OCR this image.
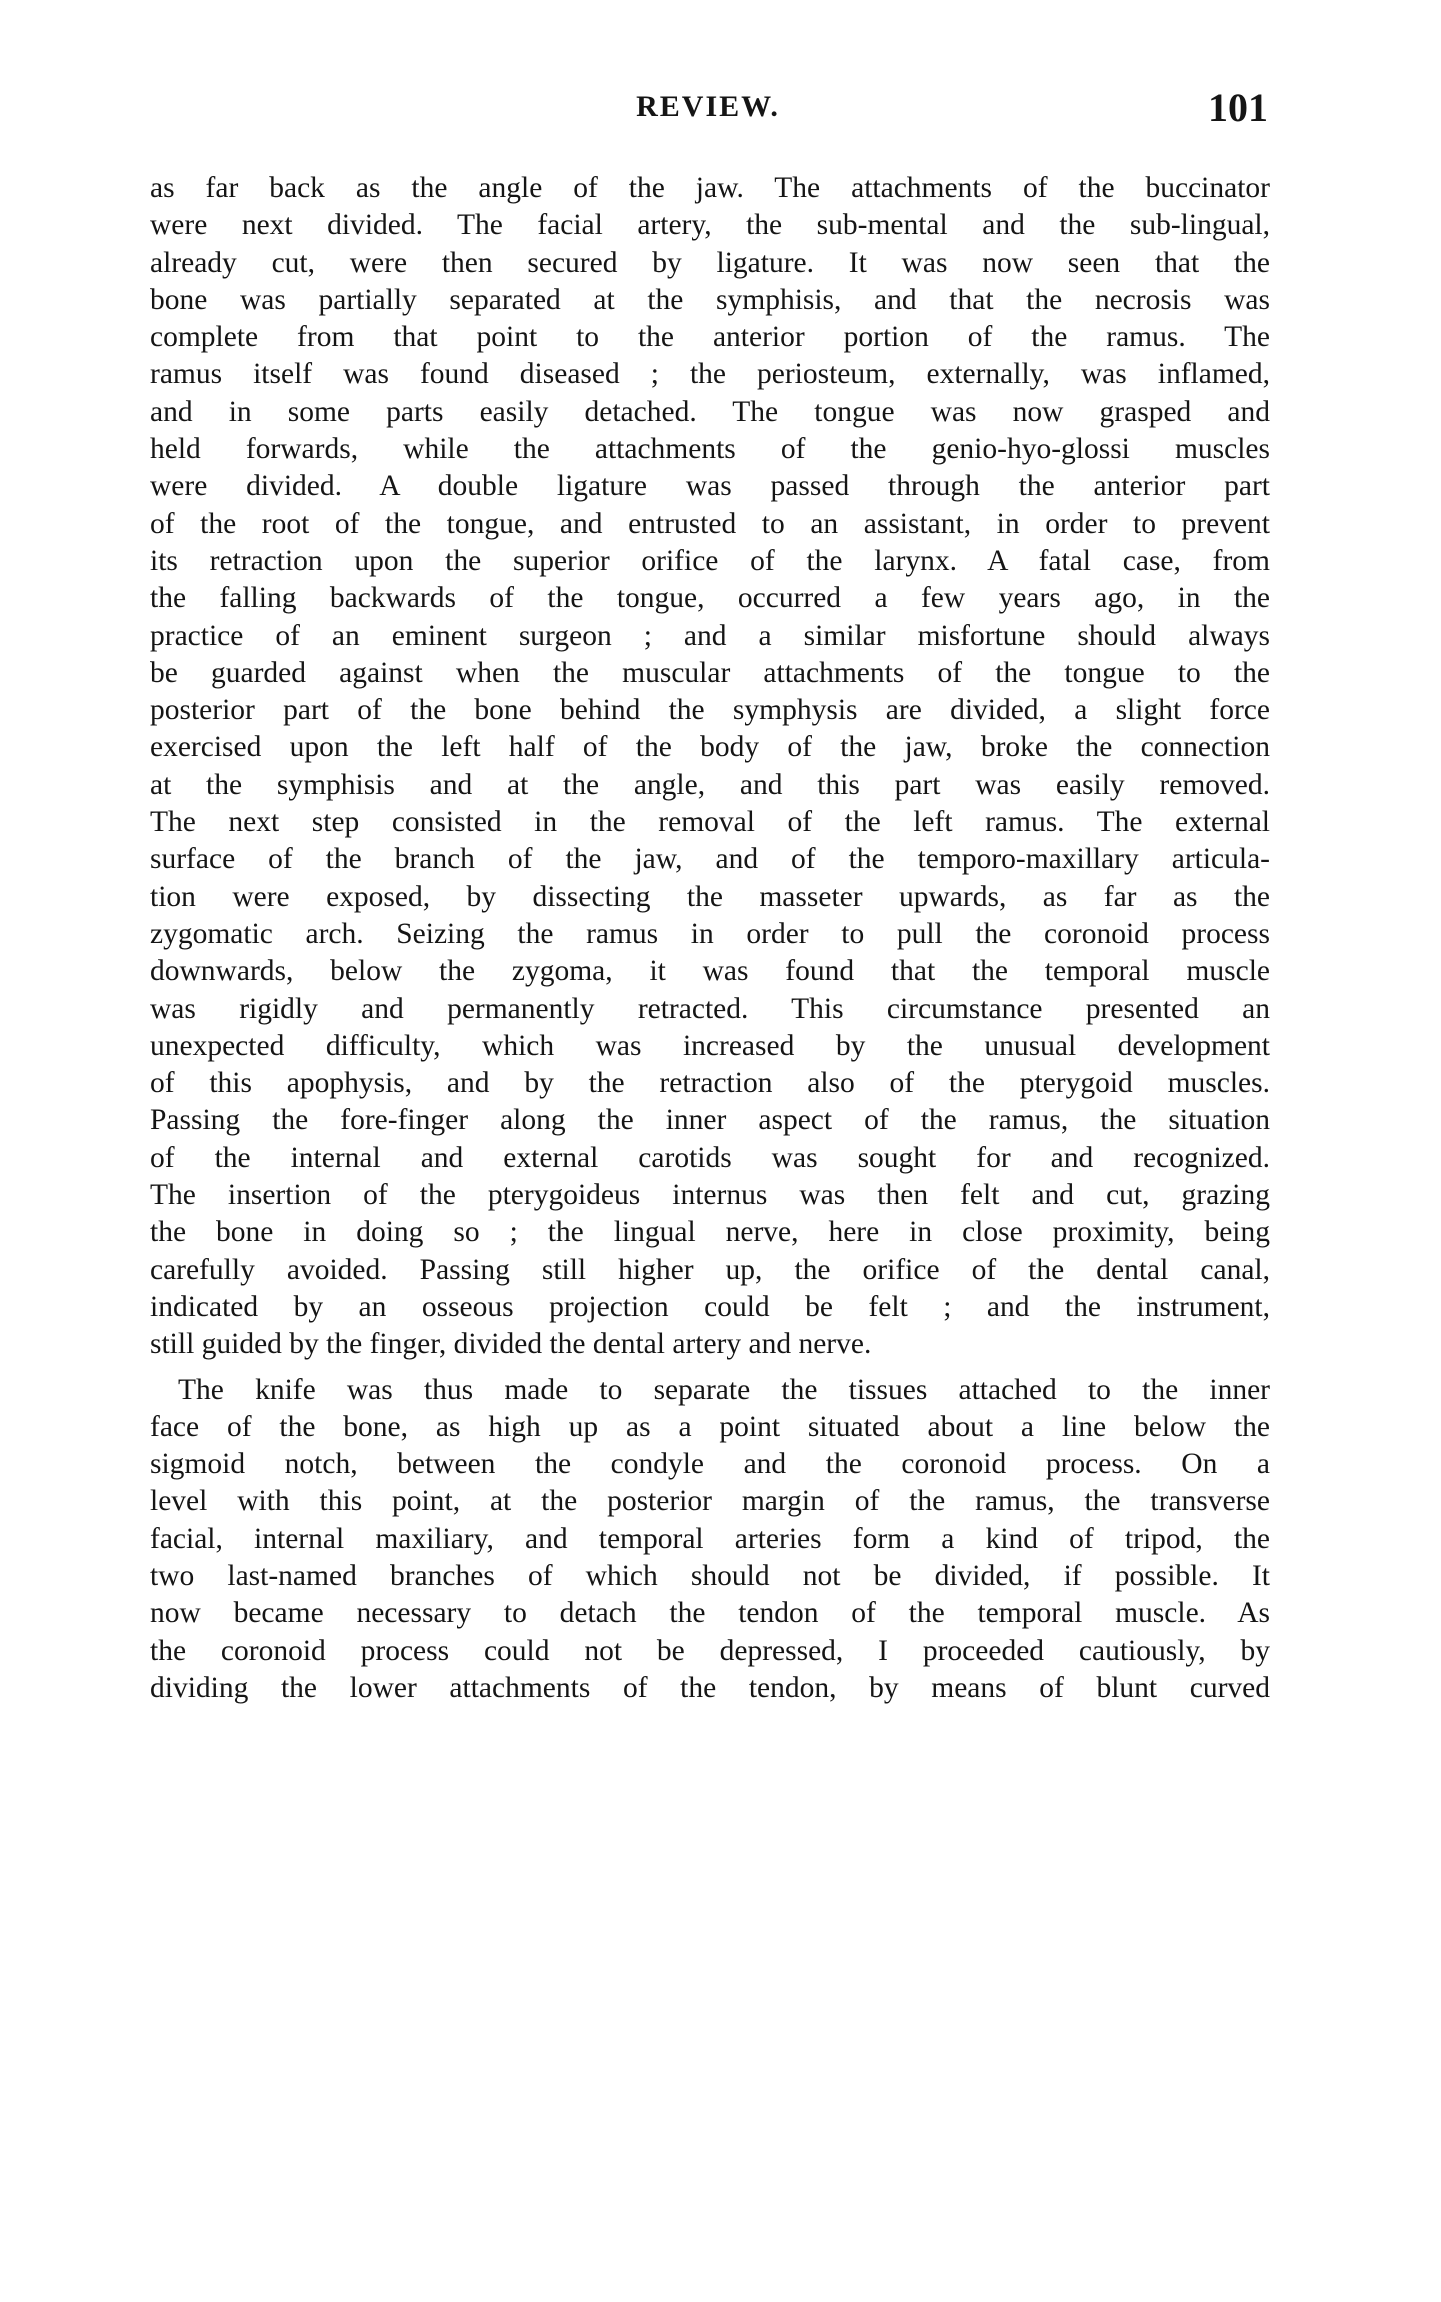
REVIEW.	101
as far back as the angle of the jaw. The attachments of the buccinator
were next divided. The facial artery, the sub-mental and the sub-lingual,
already cut, were then secured by ligature. It was now seen that the
bone was partially separated at the symphisis, and that the necrosis was
complete from that point to the anterior portion of the ramus. The
ramus itself was found diseased ; the periosteum, externally, was inflamed,
and in some parts easily detached. The tongue was now grasped and
held forwards, while the attachments of the genio-hyo-glossi muscles
were divided. A double ligature was passed through the anterior part
of the root of the tongue, and entrusted to an assistant, in order to prevent
its retraction upon the superior orifice of the larynx. A fatal case, from
the falling backwards of the tongue, occurred a few years ago, in the
practice of an eminent surgeon ; and a similar misfortune should always
be guarded against when the muscular attachments of the tongue to the
posterior part of the bone behind the symphysis are divided, a slight force
exercised upon the left half of the body of the jaw, broke the connection
at the symphisis and at the angle, and this part was easily removed.
The next step consisted in the removal of the left ramus. The external
surface of the branch of the jaw, and of the temporo-maxillary articula-
tion were exposed, by dissecting the masseter upwards, as far as the
zygomatic arch. Seizing the ramus in order to pull the coronoid process
downwards, below the zygoma, it was found that the temporal muscle
was rigidly and permanently retracted. This circumstance presented an
unexpected difficulty, which was increased by the unusual development
of this apophysis, and by the retraction also of the pterygoid muscles.
Passing the fore-finger along the inner aspect of the ramus, the situation
of the internal and external carotids was sought for and recognized.
The insertion of the pterygoideus internus was then felt and cut, grazing
the bone in doing so ; the lingual nerve, here in close proximity, being
carefully avoided. Passing still higher up, the orifice of the dental canal,
indicated by an osseous projection could be felt ; and the instrument,
still guided by the finger, divided the dental artery and nerve.
The knife was thus made to separate the tissues attached to the inner
face of the bone, as high up as a point situated about a line below the
sigmoid notch, between the condyle and the coronoid process. On a
level with this point, at the posterior margin of the ramus, the transverse
facial, internal maxiliary, and temporal arteries form a kind of tripod, the
two last-named branches of which should not be divided, if possible. It
now became necessary to detach the tendon of the temporal muscle. As
the coronoid process could not be depressed, I proceeded cautiously, by
dividing the lower attachments of the tendon, by means of blunt curved
